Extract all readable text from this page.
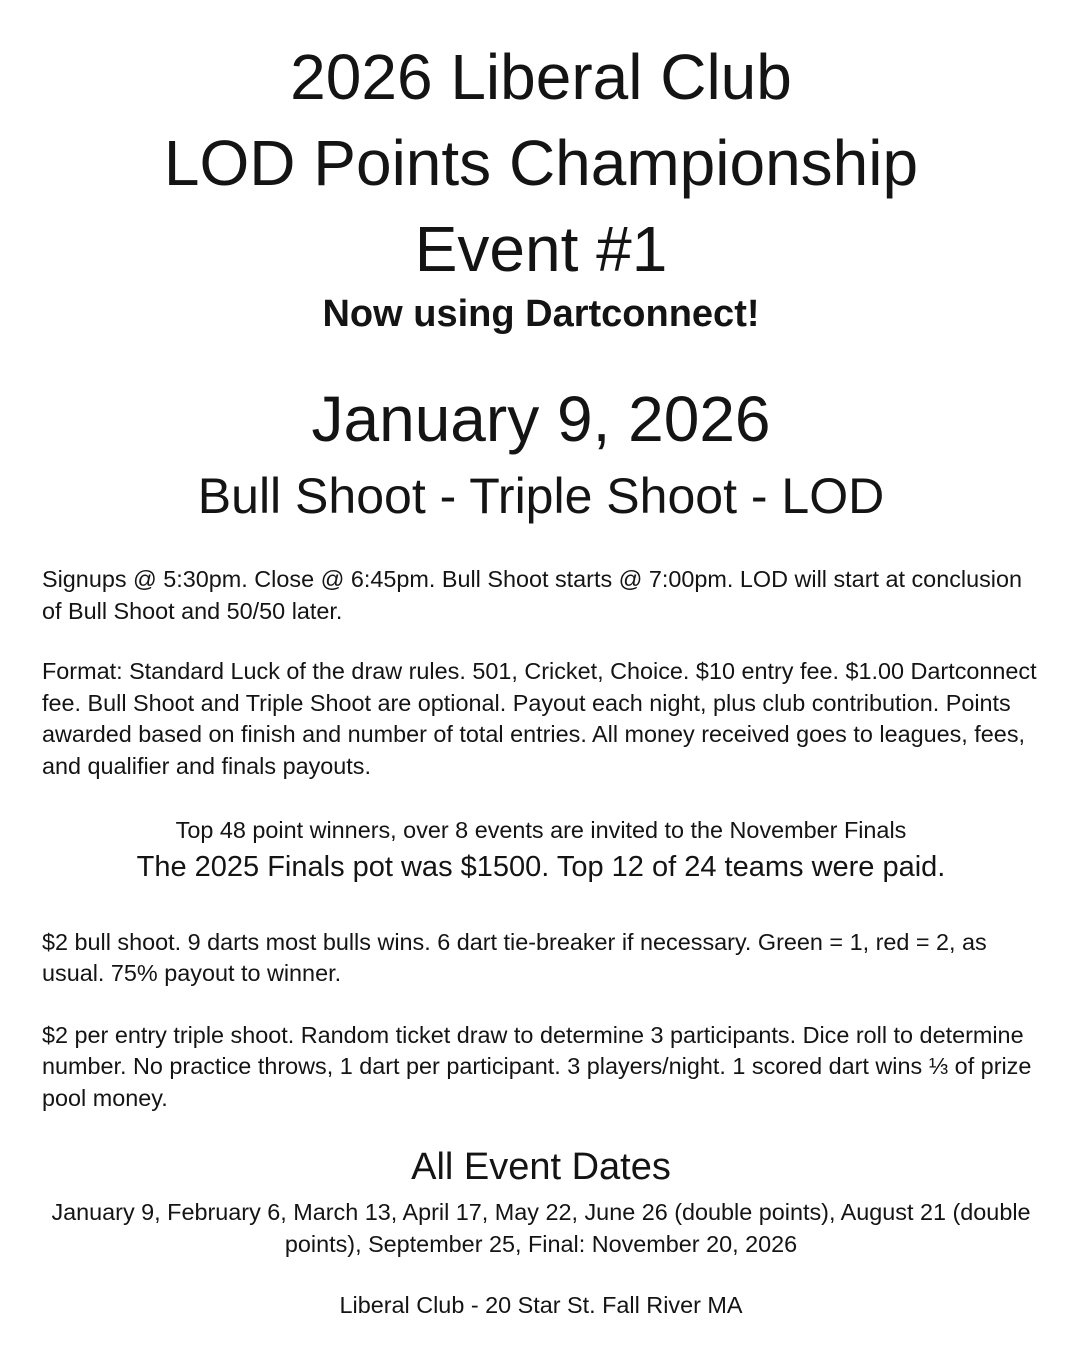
2026 Liberal Club
LOD Points Championship
Event #1
Now using Dartconnect!
January 9, 2026
Bull Shoot - Triple Shoot - LOD
Signups @ 5:30pm. Close @ 6:45pm. Bull Shoot starts @ 7:00pm. LOD will start at conclusion of Bull Shoot and 50/50 later.
Format: Standard Luck of the draw rules. 501, Cricket, Choice. $10 entry fee. $1.00 Dartconnect fee. Bull Shoot and Triple Shoot are optional. Payout each night, plus club contribution. Points awarded based on finish and number of total entries. All money received goes to leagues, fees, and qualifier and finals payouts.
Top 48 point winners, over 8 events are invited to the November Finals
The 2025 Finals pot was $1500. Top 12 of 24 teams were paid.
$2 bull shoot. 9 darts most bulls wins. 6 dart tie-breaker if necessary. Green = 1, red = 2, as usual. 75% payout to winner.
$2 per entry triple shoot. Random ticket draw to determine 3 participants. Dice roll to determine number. No practice throws, 1 dart per participant. 3 players/night. 1 scored dart wins ⅓ of prize pool money.
All Event Dates
January 9, February 6, March 13, April 17, May 22, June 26 (double points), August 21 (double points), September 25, Final: November 20, 2026
Liberal Club - 20 Star St. Fall River MA
